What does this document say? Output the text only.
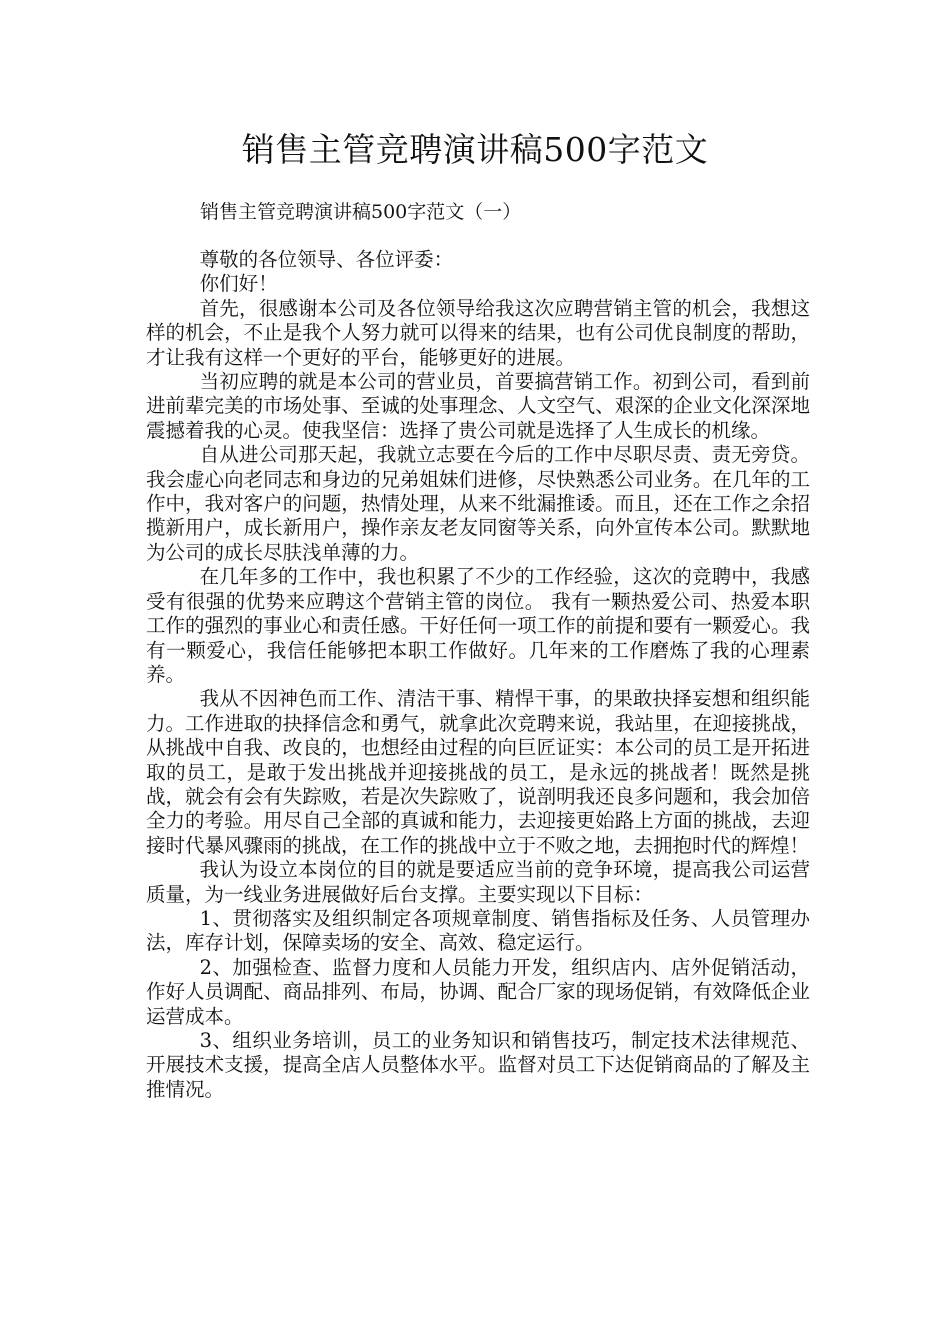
销售主管竞聘演讲稿500字范文
销售主管竞聘演讲稿500字范文（一）

尊敬的各位领导、各位评委：

你们好！

首先，很感谢本公司及各位领导给我这次应聘营销主管的机会，我想这样的机会，不止是我个人努力就可以得来的结果，也有公司优良制度的帮助，才让我有这样一个更好的平台，能够更好的进展。

当初应聘的就是本公司的营业员，首要搞营销工作。初到公司，看到前进前辈完美的市场处事、至诚的处事理念、人文空气、艰深的企业文化深深地震撼着我的心灵。使我坚信：选择了贵公司就是选择了人生成长的机缘。

自从进公司那天起，我就立志要在今后的工作中尽职尽责、责无旁贷。我会虚心向老同志和身边的兄弟姐妹们进修，尽快熟悉公司业务。在几年的工作中，我对客户的问题，热情处理，从来不纰漏推诿。而且，还在工作之余招揽新用户，成长新用户，操作亲友老友同窗等关系，向外宣传本公司。默默地为公司的成长尽肤浅单薄的力。

在几年多的工作中，我也积累了不少的工作经验，这次的竞聘中，我感受有很强的优势来应聘这个营销主管的岗位。 我有一颗热爱公司、热爱本职工作的强烈的事业心和责任感。干好任何一项工作的前提和要有一颗爱心。我有一颗爱心，我信任能够把本职工作做好。几年来的工作磨炼了我的心理素养。

我从不因神色而工作、清洁干事、精悍干事，的果敢抉择妄想和组织能力。工作进取的抉择信念和勇气，就拿此次竞聘来说，我站里，在迎接挑战，从挑战中自我、改良的，也想经由过程的向巨匠证实：本公司的员工是开拓进取的员工，是敢于发出挑战并迎接挑战的员工，是永远的挑战者！既然是挑战，就会有会有失踪败，若是次失踪败了，说剖明我还良多问题和，我会加倍全力的考验。用尽自己全部的真诚和能力，去迎接更始路上方面的挑战，去迎接时代暴风骤雨的挑战，在工作的挑战中立于不败之地，去拥抱时代的辉煌！

我认为设立本岗位的目的就是要适应当前的竞争环境，提高我公司运营质量，为一线业务进展做好后台支撑。主要实现以下目标：

1、贯彻落实及组织制定各项规章制度、销售指标及任务、人员管理办法，库存计划，保障卖场的安全、高效、稳定运行。

2、加强检查、监督力度和人员能力开发，组织店内、店外促销活动，作好人员调配、商品排列、布局，协调、配合厂家的现场促销，有效降低企业运营成本。

3、组织业务培训，员工的业务知识和销售技巧，制定技术法律规范、开展技术支援，提高全店人员整体水平。监督对员工下达促销商品的了解及主推情况。
